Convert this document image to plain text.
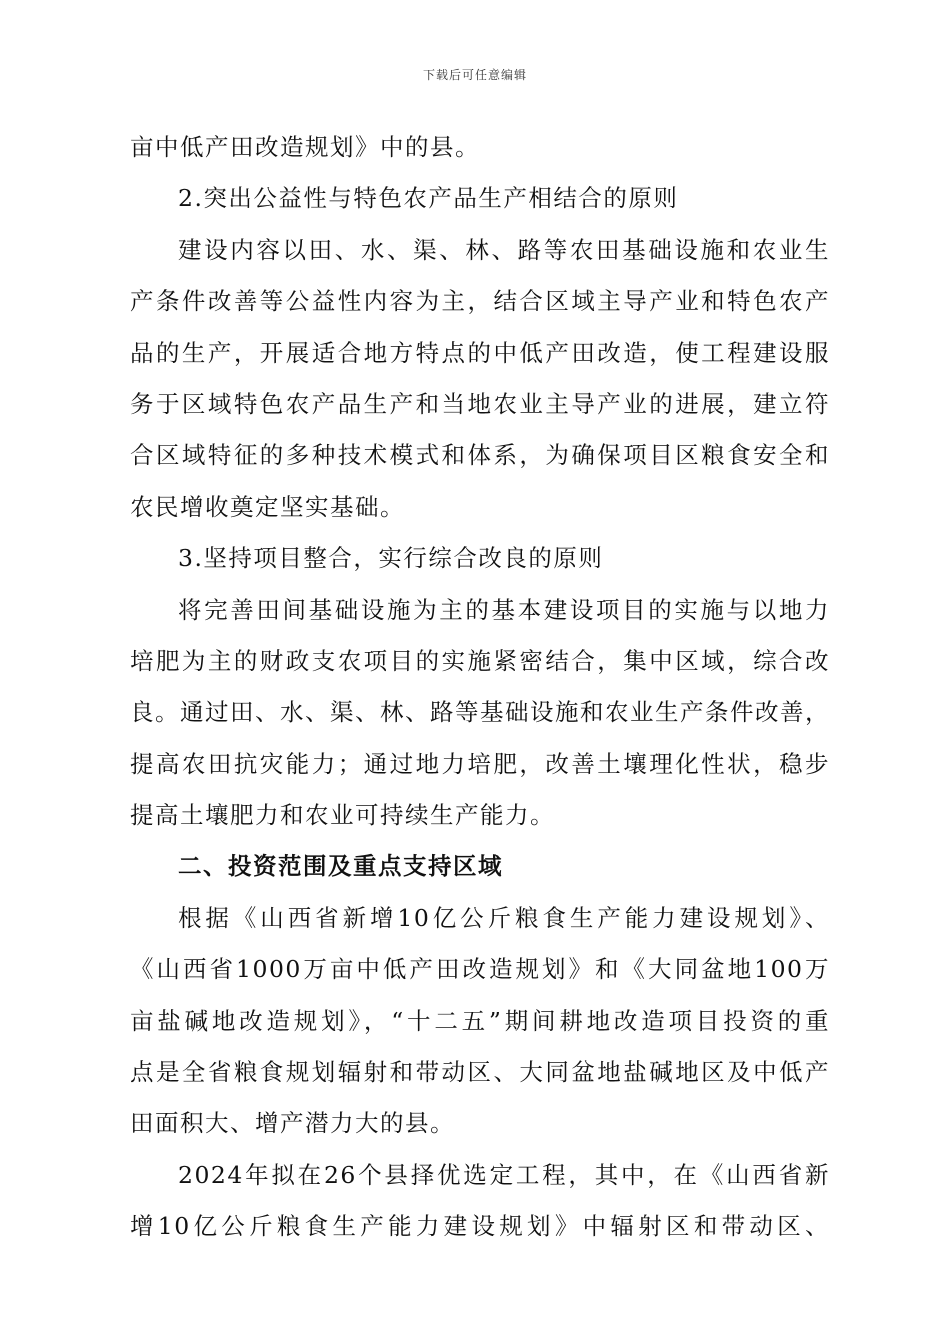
下载后可任意编辑
亩中低产田改造规划》中的县。
2.突出公益性与特色农产品生产相结合的原则
建设内容以田、水、渠、林、路等农田基础设施和农业生
产条件改善等公益性内容为主，结合区域主导产业和特色农产
品的生产，开展适合地方特点的中低产田改造，使工程建设服
务于区域特色农产品生产和当地农业主导产业的进展，建立符
合区域特征的多种技术模式和体系，为确保项目区粮食安全和
农民增收奠定坚实基础。
3.坚持项目整合，实行综合改良的原则
将完善田间基础设施为主的基本建设项目的实施与以地力
培肥为主的财政支农项目的实施紧密结合，集中区域，综合改
良。通过田、水、渠、林、路等基础设施和农业生产条件改善，
提高农田抗灾能力；通过地力培肥，改善土壤理化性状，稳步
提高土壤肥力和农业可持续生产能力。
二、投资范围及重点支持区域
根据《山西省新增10亿公斤粮食生产能力建设规划》、
《山西省1000万亩中低产田改造规划》和《大同盆地100万
亩盐碱地改造规划》，“十二五”期间耕地改造项目投资的重
点是全省粮食规划辐射和带动区、大同盆地盐碱地区及中低产
田面积大、增产潜力大的县。
2024年拟在26个县择优选定工程，其中，在《山西省新
增10亿公斤粮食生产能力建设规划》中辐射区和带动区、
